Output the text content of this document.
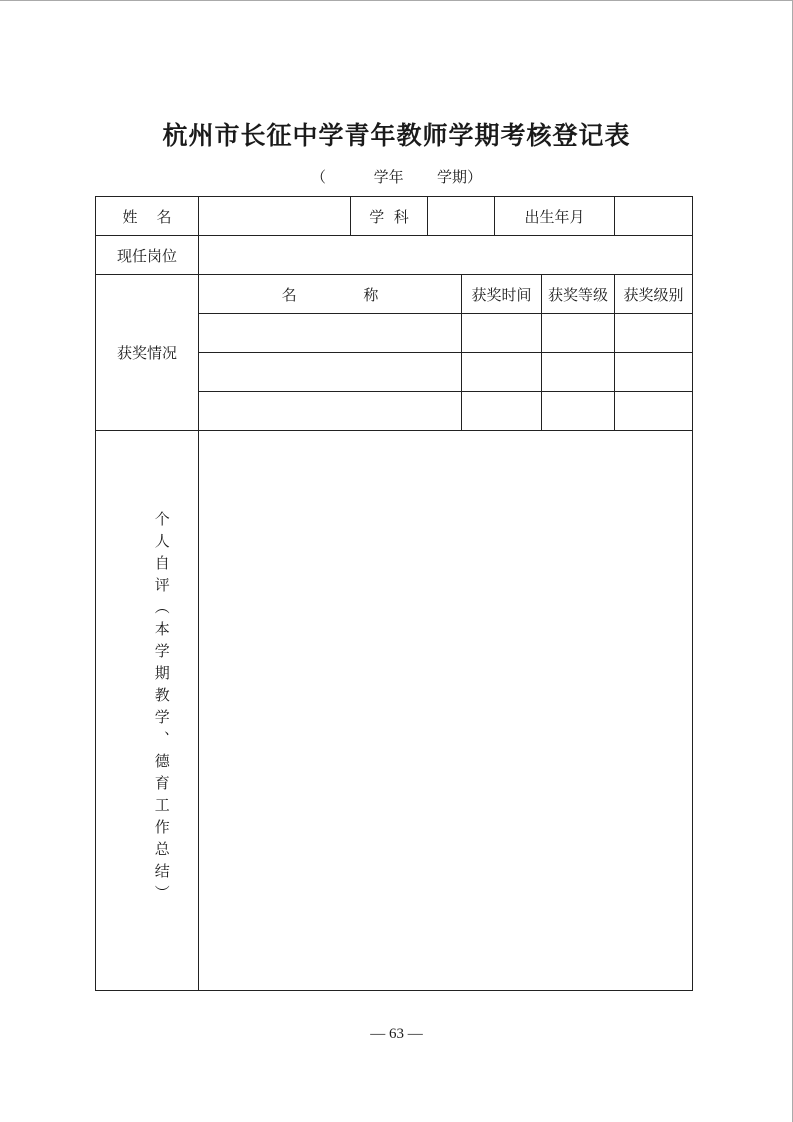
杭州市长征中学青年教师学期考核登记表
（          学年       学期）
姓    名		学  科			出生年月		
现任岗位							
获奖情况	名              称			获奖时间		获奖等级	获奖级别

个人自评（本学期教学、德育工作总结）						

— 63 —
